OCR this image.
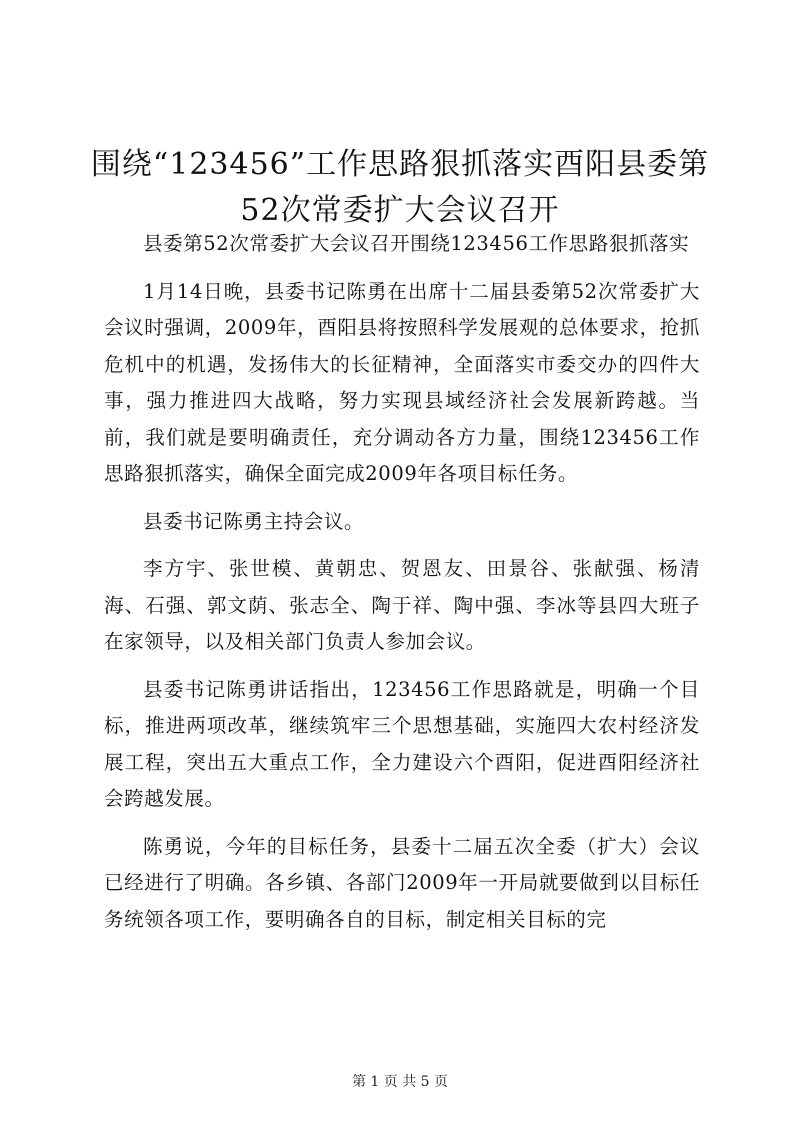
围绕“123456”工作思路狠抓落实酉阳县委第
52次常委扩大会议召开

县委第52次常委扩大会议召开围绕123456工作思路狠抓落实

1月14日晚，县委书记陈勇在出席十二届县委第52次常委扩大会议时强调，2009年，酉阳县将按照科学发展观的总体要求，抢抓危机中的机遇，发扬伟大的长征精神，全面落实市委交办的四件大事，强力推进四大战略，努力实现县域经济社会发展新跨越。当前，我们就是要明确责任，充分调动各方力量，围绕123456工作思路狠抓落实，确保全面完成2009年各项目标任务。

县委书记陈勇主持会议。

李方宇、张世模、黄朝忠、贺恩友、田景谷、张献强、杨清海、石强、郭文荫、张志全、陶于祥、陶中强、李冰等县四大班子在家领导，以及相关部门负责人参加会议。

县委书记陈勇讲话指出，123456工作思路就是，明确一个目标，推进两项改革，继续筑牢三个思想基础，实施四大农村经济发展工程，突出五大重点工作，全力建设六个酉阳，促进酉阳经济社会跨越发展。

陈勇说，今年的目标任务，县委十二届五次全委（扩大）会议已经进行了明确。各乡镇、各部门2009年一开局就要做到以目标任务统领各项工作，要明确各自的目标，制定相关目标的完

第 1 页 共 5 页
